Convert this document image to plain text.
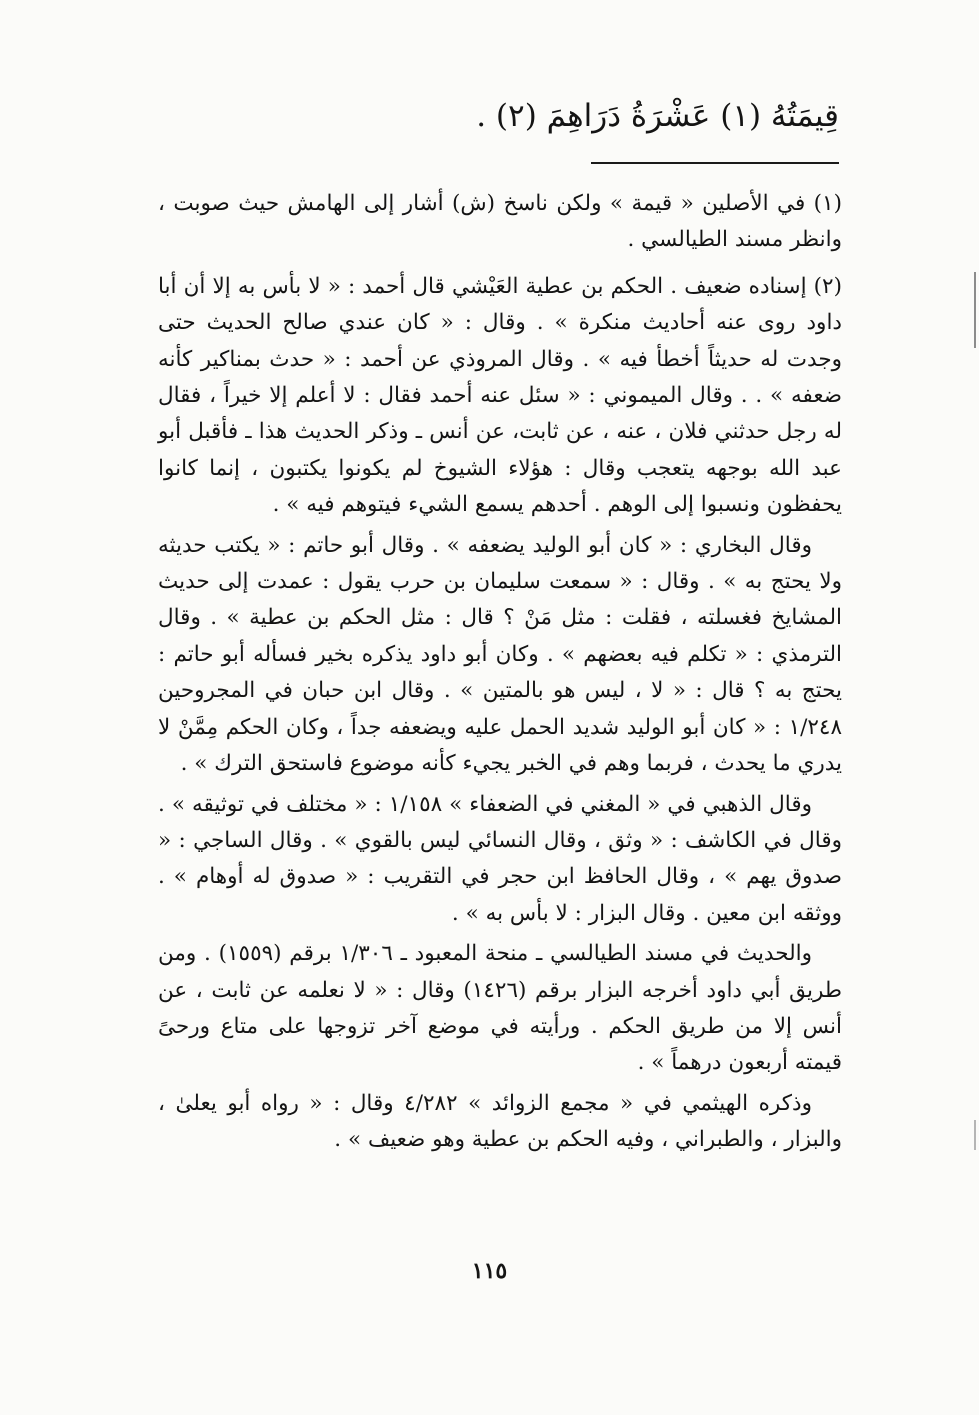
قِيمَتُهُ (١) عَشْرَةُ دَرَاهِمَ (٢) .

(١) في الأصلين « قيمة » ولكن ناسخ (ش) أشار إلى الهامش حيث صوبت ، وانظر مسند الطيالسي .

(٢) إسناده ضعيف . الحكم بن عطية العَيْشي قال أحمد : « لا بأس به إلا أن أبا داود روى عنه أحاديث منكرة » . وقال : « كان عندي صالح الحديث حتى وجدت له حديثاً أخطأ فيه » . وقال المروذي عن أحمد : « حدث بمناكير كأنه ضعفه » . . وقال الميموني : « سئل عنه أحمد فقال : لا أعلم إلا خيراً ، فقال له رجل حدثني فلان ، عنه ، عن ثابت، عن أنس ـ وذكر الحديث هذا ـ فأقبل أبو عبد الله بوجهه يتعجب وقال : هؤلاء الشيوخ لم يكونوا يكتبون ، إنما كانوا يحفظون ونسبوا إلى الوهم . أحدهم يسمع الشيء فيتوهم فيه » .

وقال البخاري : « كان أبو الوليد يضعفه » . وقال أبو حاتم : « يكتب حديثه ولا يحتج به » . وقال : « سمعت سليمان بن حرب يقول : عمدت إلى حديث المشايخ فغسلته ، فقلت : مثل مَنْ ؟ قال : مثل الحكم بن عطية » . وقال الترمذي : « تكلم فيه بعضهم » . وكان أبو داود يذكره بخير فسأله أبو حاتم : يحتج به ؟ قال : « لا ، ليس هو بالمتين » . وقال ابن حبان في المجروحين ١/٢٤٨ : « كان أبو الوليد شديد الحمل عليه ويضعفه جداً ، وكان الحكم مِمَّنْ لا يدري ما يحدث ، فربما وهم في الخبر يجيء كأنه موضوع فاستحق الترك » .

وقال الذهبي في « المغني في الضعفاء » ١/١٥٨ : « مختلف في توثيقه » . وقال في الكاشف : « وثق ، وقال النسائي ليس بالقوي » . وقال الساجي : « صدوق يهم » ، وقال الحافظ ابن حجر في التقريب : « صدوق له أوهام » . ووثقه ابن معين . وقال البزار : لا بأس به » .

والحديث في مسند الطيالسي ـ منحة المعبود ـ ١/٣٠٦ برقم (١٥٥٩) . ومن طريق أبي داود أخرجه البزار برقم (١٤٢٦) وقال : « لا نعلمه عن ثابت ، عن أنس إلا من طريق الحكم . ورأيته في موضع آخر تزوجها على متاع ورحىً قيمته أربعون درهماً » .

وذكره الهيثمي في « مجمع الزوائد » ٤/٢٨٢ وقال : « رواه أبو يعلىٰ ، والبزار ، والطبراني ، وفيه الحكم بن عطية وهو ضعيف » .

١١٥
